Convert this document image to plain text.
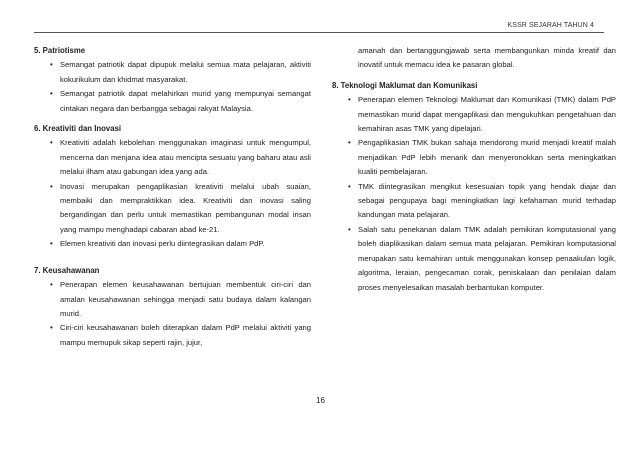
KSSR SEJARAH TAHUN 4
5. Patriotisme
• Semangat patriotik dapat dipupuk melalui semua mata pelajaran, aktiviti kokurikulum dan khidmat masyarakat.
• Semangat patriotik dapat melahirkan murid yang mempunyai semangat cintakan negara dan berbangga sebagai rakyat Malaysia.
6. Kreativiti dan Inovasi
• Kreativiti adalah kebolehan menggunakan imaginasi untuk mengumpul, mencerna dan menjana idea atau mencipta sesuatu yang baharu atau asli melalui ilham atau gabungan idea yang ada.
• Inovasi merupakan pengaplikasian kreativiti melalui ubah suaian, membaiki dan mempraktikkan idea. Kreativiti dan inovasi saling bergandingan dan perlu untuk memastikan pembangunan modal insan yang mampu menghadapi cabaran abad ke-21.
• Elemen kreativiti dan inovasi perlu diintegrasikan dalam PdP.
7. Keusahawanan
• Penerapan elemen keusahawanan bertujuan membentuk ciri-ciri dan amalan keusahawanan sehingga menjadi satu budaya dalam kalangan murid.
• Ciri-ciri keusahawanan boleh diterapkan dalam PdP melalui aktiviti yang mampu memupuk sikap seperti rajin, jujur,
amanah dan bertanggungjawab serta membangunkan minda kreatif dan inovatif untuk memacu idea ke pasaran global.
8. Teknologi Maklumat dan Komunikasi
• Penerapan elemen Teknologi Maklumat dan Komunikasi (TMK) dalam PdP memastikan murid dapat mengaplikasi dan mengukuhkan pengetahuan dan kemahiran asas TMK yang dipelajari.
• Pengaplikasian TMK bukan sahaja mendorong murid menjadi kreatif malah menjadikan PdP lebih menarik dan menyeronokkan serta meningkatkan kualiti pembelajaran.
• TMK diintegrasikan mengikut kesesuaian topik yang hendak diajar dan sebagai pengupaya bagi meningkatkan lagi kefahaman murid terhadap kandungan mata pelajaran.
• Salah satu penekanan dalam TMK adalah pemikiran komputasional yang boleh diaplikasikan dalam semua mata pelajaran. Pemikiran komputasional merupakan satu kemahiran untuk menggunakan konsep penaakulan logik, algoritma, leraian, pengecaman corak, peniskalaan dan penilaian dalam proses menyelesaikan masalah berbantukan komputer.
16
